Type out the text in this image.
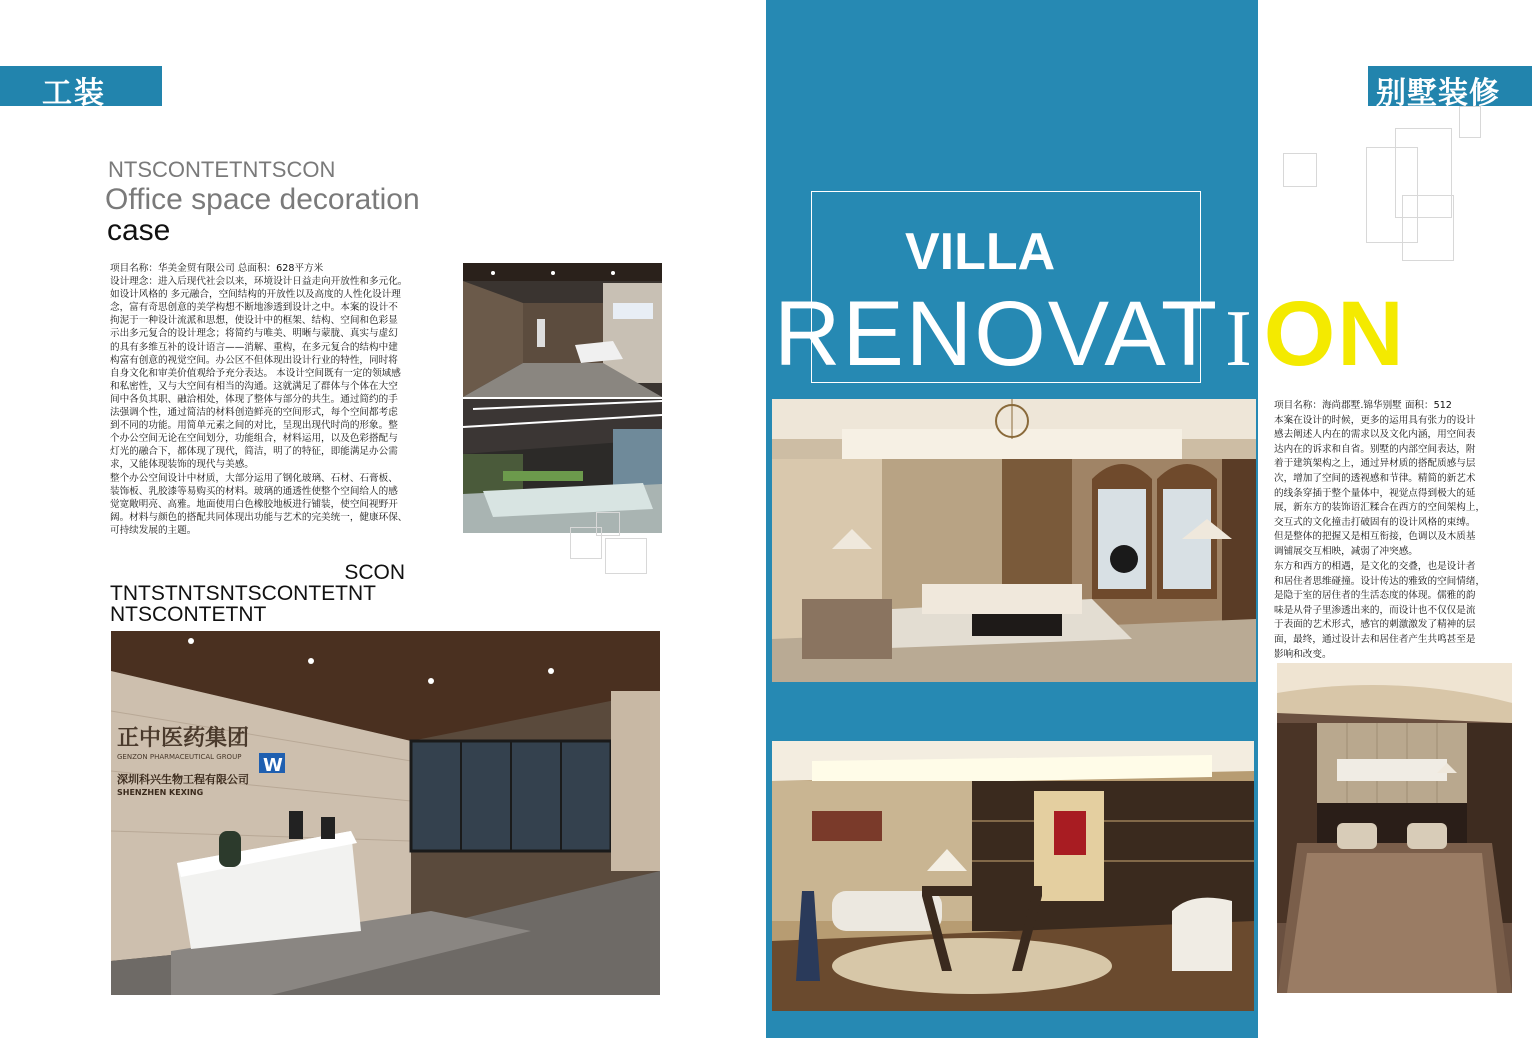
工装
NTSCONTETNTSCON
Office space decoration
case
项目名称：华美金贸有限公司 总面积：628平方米
设计理念：进入后现代社会以来，环境设计日益走向开放性和多元化。
如设计风格的 多元融合，空间结构的开放性以及高度的人性化设计理
念，富有奇思创意的美学构想不断地渗透到设计之中。本案的设计不
拘泥于一种设计流派和思想，使设计中的框架、结构、空间和色彩显
示出多元复合的设计理念；将简约与唯美、明晰与蒙胧、真实与虚幻
的具有多维互补的设计语言——消解、重构，在多元复合的结构中建
构富有创意的视觉空间。办公区不但体现出设计行业的特性，同时将
自身文化和审美价值观给予充分表达。 本设计空间既有一定的领域感
和私密性，又与大空间有相当的沟通。这就满足了群体与个体在大空
间中各负其职、融洽相处，体现了整体与部分的共生。通过简约的手
法强调个性，通过简洁的材料创造鲜亮的空间形式，每个空间都考虑
到不同的功能。用简单元素之间的对比，呈现出现代时尚的形象。整
个办公空间无论在空间划分，功能组合，材料运用，以及色彩搭配与
灯光的融合下，都体现了现代，简洁，明了的特征，即能满足办公需
求，又能体现装饰的现代与美感。
整个办公空间设计中材质，大部分运用了钢化玻璃、石材、石膏板、
装饰板、乳胶漆等易购买的材料。玻璃的通透性使整个空间给人的感
觉宽敞明亮、高雅。地面使用白色橡胶地板进行铺装，使空间视野开
阔。材料与颜色的搭配共同体现出功能与艺术的完美统一，健康环保、
可持续发展的主题。
SCON
TNTSTNTSNTSCONTETNT
NTSCONTETNT
正中医药集团
GENZON PHARMACEUTICAL GROUP
深圳科兴生物工程有限公司
SHENZHEN KEXING
W
VILLA
RENOVATI ON
别墅装修
项目名称：海尚郡墅.锦华别墅 面积：512
本案在设计的时候，更多的运用具有张力的设计
感去阐述人内在的需求以及文化内涵，用空间表
达内在的诉求和自省。别墅的内部空间表达，附
着于建筑架构之上，通过异材质的搭配质感与层
次，增加了空间的透视感和节律。精简的新艺术
的线条穿插于整个量体中，视觉点得到极大的延
展，新东方的装饰语汇糅合在西方的空间架构上，
交互式的文化撞击打破固有的设计风格的束缚。
但是整体的把握又是相互衔接，色调以及木质基
调铺展交互相映，减弱了冲突感。
东方和西方的相遇，是文化的交叠，也是设计者
和居住者思维碰撞。设计传达的雅致的空间情绪，
是隐于室的居住者的生活态度的体现。儒雅的韵
味是从骨子里渗透出来的，而设计也不仅仅是流
于表面的艺术形式，感官的刺激激发了精神的层
面，最终，通过设计去和居住者产生共鸣甚至是
影响和改变。
